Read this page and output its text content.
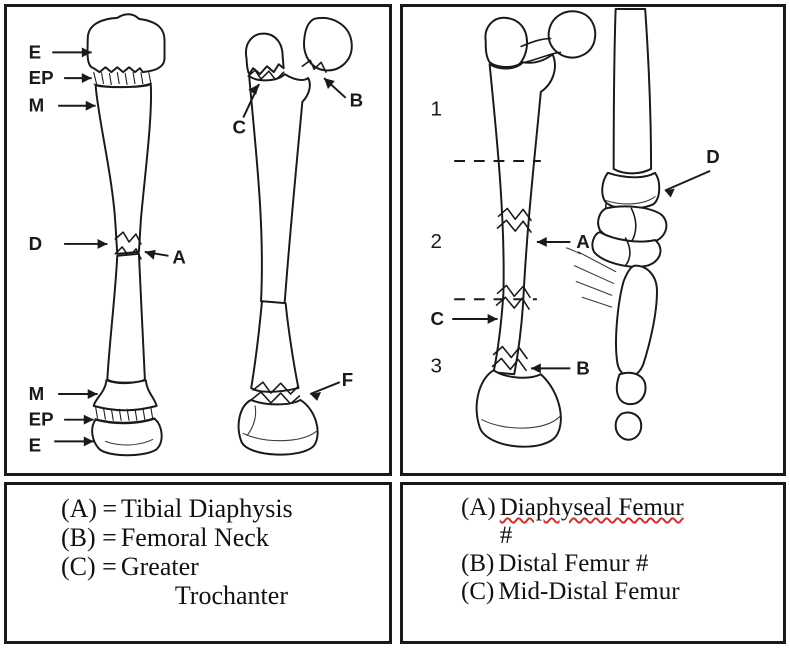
E
EP
M
D
M
EP
E
A
B
C
F
1
2
3
A
C
B
D
(A)  = Tibial Diaphysis
(B) = Femoral Neck
(C) = Greater
Trochanter
(A) Diaphyseal Femur
#
(B) Distal Femur #
(C) Mid-Distal Femur
